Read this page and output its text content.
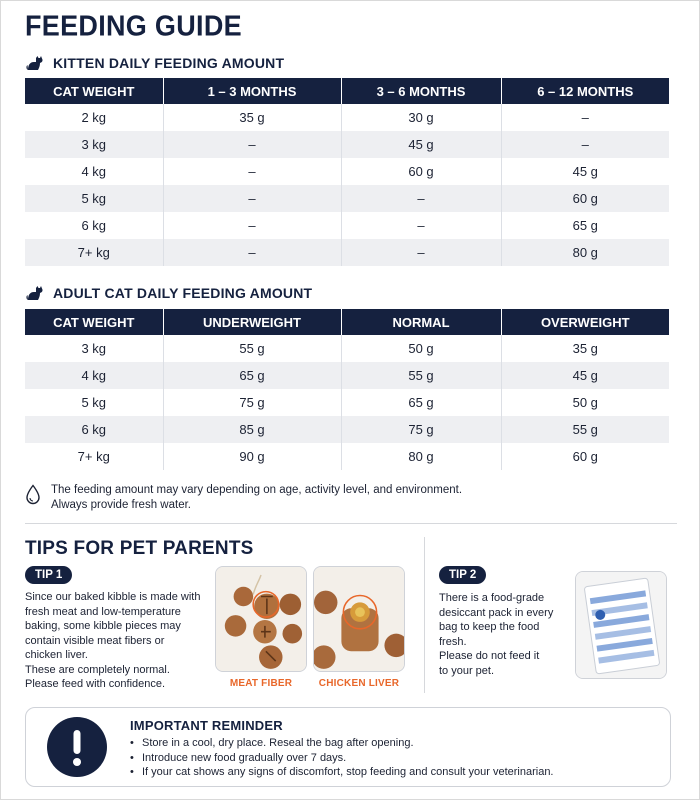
FEEDING GUIDE
KITTEN DAILY FEEDING AMOUNT
CAT WEIGHT	1 – 3 MONTHS	3 – 6 MONTHS	6 – 12 MONTHS
2 kg	35 g	30 g	–
3 kg	–	45 g	–
4 kg	–	60 g	45 g
5 kg	–	–	60 g
6 kg	–	–	65 g
7+ kg	–	–	80 g
ADULT CAT DAILY FEEDING AMOUNT
CAT WEIGHT	UNDERWEIGHT	NORMAL	OVERWEIGHT
3 kg	55 g	50 g	35 g
4 kg	65 g	55 g	45 g
5 kg	75 g	65 g	50 g
6 kg	85 g	75 g	55 g
7+ kg	90 g	80 g	60 g
The feeding amount may vary depending on age, activity level, and environment.
Always provide fresh water.
TIPS FOR PET PARENTS
TIP 1

Since our baked kibble is made with

fresh meat and low-temperature

baking, some kibble pieces may

contain visible meat fibers or

chicken liver.

These are completely normal.

Please feed with confidence.	MEAT FIBER	CHICKEN LIVER
TIP 2

There is a food-grade

desiccant pack in every

bag to keep the food

fresh.

Please do not feed it

to your pet.

IMPORTANT REMINDER
• Store in a cool, dry place. Reseal the bag after opening.
• Introduce new food gradually over 7 days.
• If your cat shows any signs of discomfort, stop feeding and consult your veterinarian.
